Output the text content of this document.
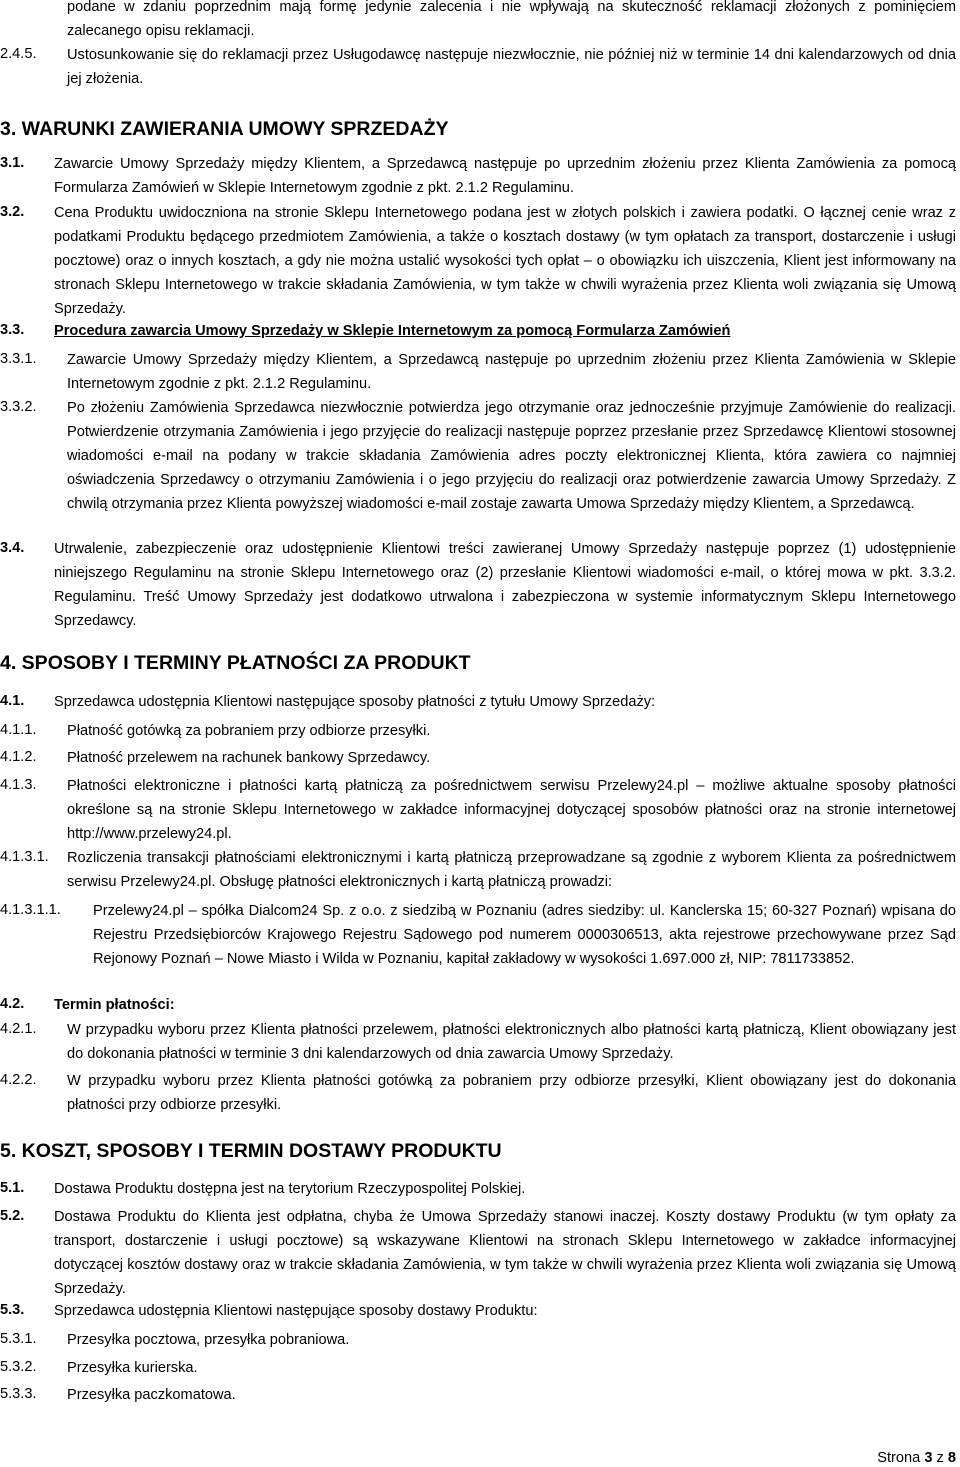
podane w zdaniu poprzednim mają formę jedynie zalecenia i nie wpływają na skuteczność reklamacji złożonych z pominięciem zalecanego opisu reklamacji.
2.4.5. Ustosunkowanie się do reklamacji przez Usługodawcę następuje niezwłocznie, nie później niż w terminie 14 dni kalendarzowych od dnia jej złożenia.
3. WARUNKI ZAWIERANIA UMOWY SPRZEDAŻY
3.1. Zawarcie Umowy Sprzedaży między Klientem, a Sprzedawcą następuje po uprzednim złożeniu przez Klienta Zamówienia za pomocą Formularza Zamówień w Sklepie Internetowym zgodnie z pkt. 2.1.2 Regulaminu.
3.2. Cena Produktu uwidoczniona na stronie Sklepu Internetowego podana jest w złotych polskich i zawiera podatki. O łącznej cenie wraz z podatkami Produktu będącego przedmiotem Zamówienia, a także o kosztach dostawy (w tym opłatach za transport, dostarczenie i usługi pocztowe) oraz o innych kosztach, a gdy nie można ustalić wysokości tych opłat – o obowiązku ich uiszczenia, Klient jest informowany na stronach Sklepu Internetowego w trakcie składania Zamówienia, w tym także w chwili wyrażenia przez Klienta woli związania się Umową Sprzedaży.
3.3. Procedura zawarcia Umowy Sprzedaży w Sklepie Internetowym za pomocą Formularza Zamówień
3.3.1. Zawarcie Umowy Sprzedaży między Klientem, a Sprzedawcą następuje po uprzednim złożeniu przez Klienta Zamówienia w Sklepie Internetowym zgodnie z pkt. 2.1.2 Regulaminu.
3.3.2. Po złożeniu Zamówienia Sprzedawca niezwłocznie potwierdza jego otrzymanie oraz jednocześnie przyjmuje Zamówienie do realizacji. Potwierdzenie otrzymania Zamówienia i jego przyjęcie do realizacji następuje poprzez przesłanie przez Sprzedawcę Klientowi stosownej wiadomości e-mail na podany w trakcie składania Zamówienia adres poczty elektronicznej Klienta, która zawiera co najmniej oświadczenia Sprzedawcy o otrzymaniu Zamówienia i o jego przyjęciu do realizacji oraz potwierdzenie zawarcia Umowy Sprzedaży. Z chwilą otrzymania przez Klienta powyższej wiadomości e-mail zostaje zawarta Umowa Sprzedaży między Klientem, a Sprzedawcą.
3.4. Utrwalenie, zabezpieczenie oraz udostępnienie Klientowi treści zawieranej Umowy Sprzedaży następuje poprzez (1) udostępnienie niniejszego Regulaminu na stronie Sklepu Internetowego oraz (2) przesłanie Klientowi wiadomości e-mail, o której mowa w pkt. 3.3.2. Regulaminu. Treść Umowy Sprzedaży jest dodatkowo utrwalona i zabezpieczona w systemie informatycznym Sklepu Internetowego Sprzedawcy.
4. SPOSOBY I TERMINY PŁATNOŚCI ZA PRODUKT
4.1. Sprzedawca udostępnia Klientowi następujące sposoby płatności z tytułu Umowy Sprzedaży:
4.1.1. Płatność gotówką za pobraniem przy odbiorze przesyłki.
4.1.2. Płatność przelewem na rachunek bankowy Sprzedawcy.
4.1.3. Płatności elektroniczne i płatności kartą płatniczą za pośrednictwem serwisu Przelewy24.pl – możliwe aktualne sposoby płatności określone są na stronie Sklepu Internetowego w zakładce informacyjnej dotyczącej sposobów płatności oraz na stronie internetowej http://www.przelewy24.pl.
4.1.3.1. Rozliczenia transakcji płatnościami elektronicznymi i kartą płatniczą przeprowadzane są zgodnie z wyborem Klienta za pośrednictwem serwisu Przelewy24.pl. Obsługę płatności elektronicznych i kartą płatniczą prowadzi:
4.1.3.1.1. Przelewy24.pl – spółka Dialcom24 Sp. z o.o. z siedzibą w Poznaniu (adres siedziby: ul. Kanclerska 15; 60-327 Poznań) wpisana do Rejestru Przedsiębiorców Krajowego Rejestru Sądowego pod numerem 0000306513, akta rejestrowe przechowywane przez Sąd Rejonowy Poznań – Nowe Miasto i Wilda w Poznaniu, kapitał zakładowy w wysokości 1.697.000 zł, NIP: 7811733852.
4.2. Termin płatności:
4.2.1. W przypadku wyboru przez Klienta płatności przelewem, płatności elektronicznych albo płatności kartą płatniczą, Klient obowiązany jest do dokonania płatności w terminie 3 dni kalendarzowych od dnia zawarcia Umowy Sprzedaży.
4.2.2. W przypadku wyboru przez Klienta płatności gotówką za pobraniem przy odbiorze przesyłki, Klient obowiązany jest do dokonania płatności przy odbiorze przesyłki.
5. KOSZT, SPOSOBY I TERMIN DOSTAWY PRODUKTU
5.1. Dostawa Produktu dostępna jest na terytorium Rzeczypospolitej Polskiej.
5.2. Dostawa Produktu do Klienta jest odpłatna, chyba że Umowa Sprzedaży stanowi inaczej. Koszty dostawy Produktu (w tym opłaty za transport, dostarczenie i usługi pocztowe) są wskazywane Klientowi na stronach Sklepu Internetowego w zakładce informacyjnej dotyczącej kosztów dostawy oraz w trakcie składania Zamówienia, w tym także w chwili wyrażenia przez Klienta woli związania się Umową Sprzedaży.
5.3. Sprzedawca udostępnia Klientowi następujące sposoby dostawy Produktu:
5.3.1. Przesyłka pocztowa, przesyłka pobraniowa.
5.3.2. Przesyłka kurierska.
5.3.3. Przesyłka paczkomatowa.
Strona 3 z 8
